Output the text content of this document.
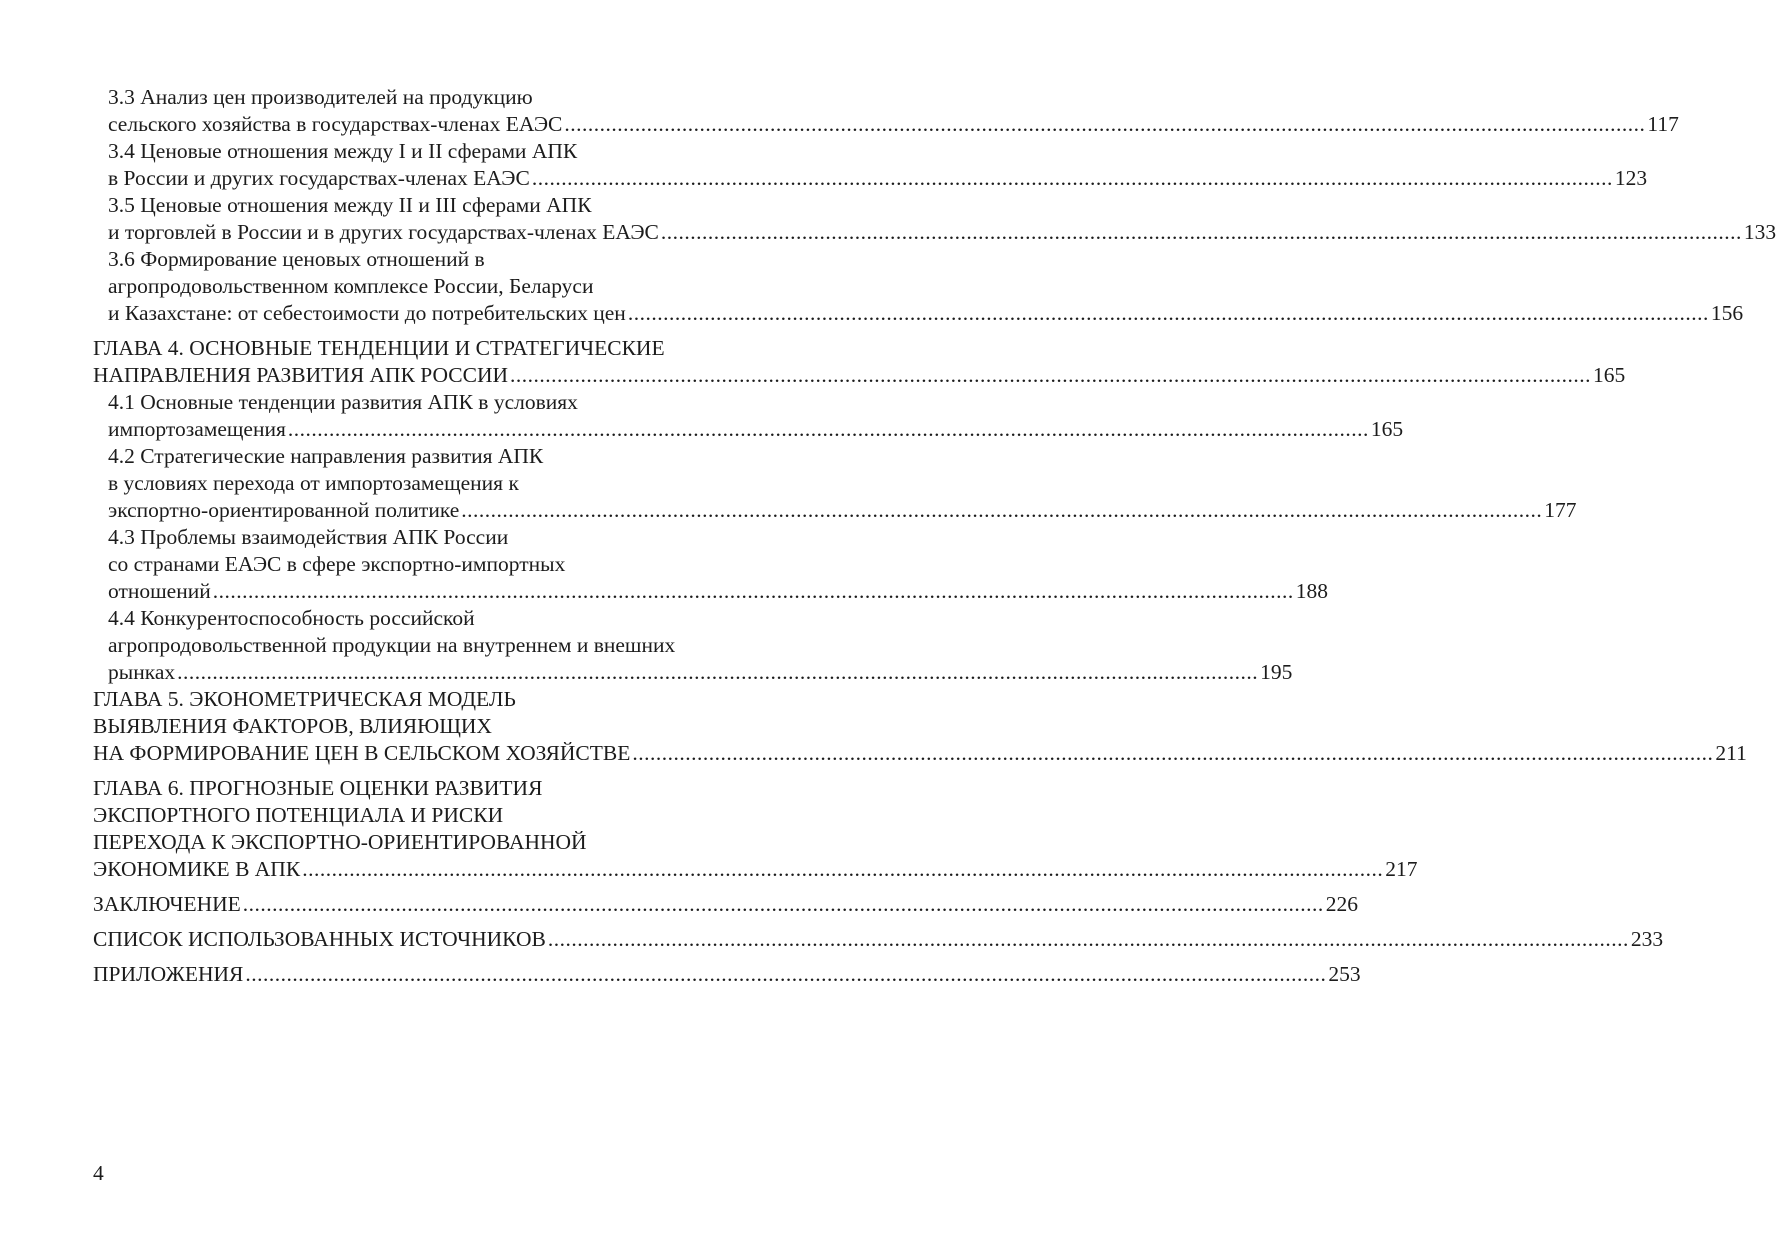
3.3 Анализ цен производителей на продукцию
сельского хозяйства в государствах-членах ЕАЭС ........................................................................................................................................................................................ 117
3.4 Ценовые отношения между I и II сферами АПК
в России и других государствах-членах ЕАЭС ........................................................................................................................................................................................ 123
3.5 Ценовые отношения между II и III сферами АПК
и торговлей в России и в других государствах-членах ЕАЭС ........................................................................................................................................................................................ 133
3.6 Формирование ценовых отношений в
агропродовольственном комплексе России, Беларуси
и Казахстане: от себестоимости до потребительских цен ........................................................................................................................................................................................ 156
ГЛАВА 4. ОСНОВНЫЕ ТЕНДЕНЦИИ И СТРАТЕГИЧЕСКИЕ
НАПРАВЛЕНИЯ РАЗВИТИЯ АПК РОССИИ ........................................................................................................................................................................................ 165
4.1 Основные тенденции развития АПК в условиях
импортозамещения ........................................................................................................................................................................................ 165
4.2 Стратегические направления развития АПК
в условиях перехода от импортозамещения к
экспортно-ориентированной политике ........................................................................................................................................................................................ 177
4.3 Проблемы взаимодействия АПК России
со странами ЕАЭС в сфере экспортно-импортных
отношений ........................................................................................................................................................................................ 188
4.4 Конкурентоспособность российской
агропродовольственной продукции на внутреннем и внешних
рынках ........................................................................................................................................................................................ 195
ГЛАВА 5. ЭКОНОМЕТРИЧЕСКАЯ МОДЕЛЬ
ВЫЯВЛЕНИЯ ФАКТОРОВ, ВЛИЯЮЩИХ
НА ФОРМИРОВАНИЕ ЦЕН В СЕЛЬСКОМ ХОЗЯЙСТВЕ ........................................................................................................................................................................................ 211
ГЛАВА 6. ПРОГНОЗНЫЕ ОЦЕНКИ РАЗВИТИЯ
ЭКСПОРТНОГО ПОТЕНЦИАЛА И РИСКИ
ПЕРЕХОДА К ЭКСПОРТНО-ОРИЕНТИРОВАННОЙ
ЭКОНОМИКЕ В АПК ........................................................................................................................................................................................ 217
ЗАКЛЮЧЕНИЕ ........................................................................................................................................................................................ 226
СПИСОК ИСПОЛЬЗОВАННЫХ ИСТОЧНИКОВ ........................................................................................................................................................................................ 233
ПРИЛОЖЕНИЯ ........................................................................................................................................................................................ 253
4
